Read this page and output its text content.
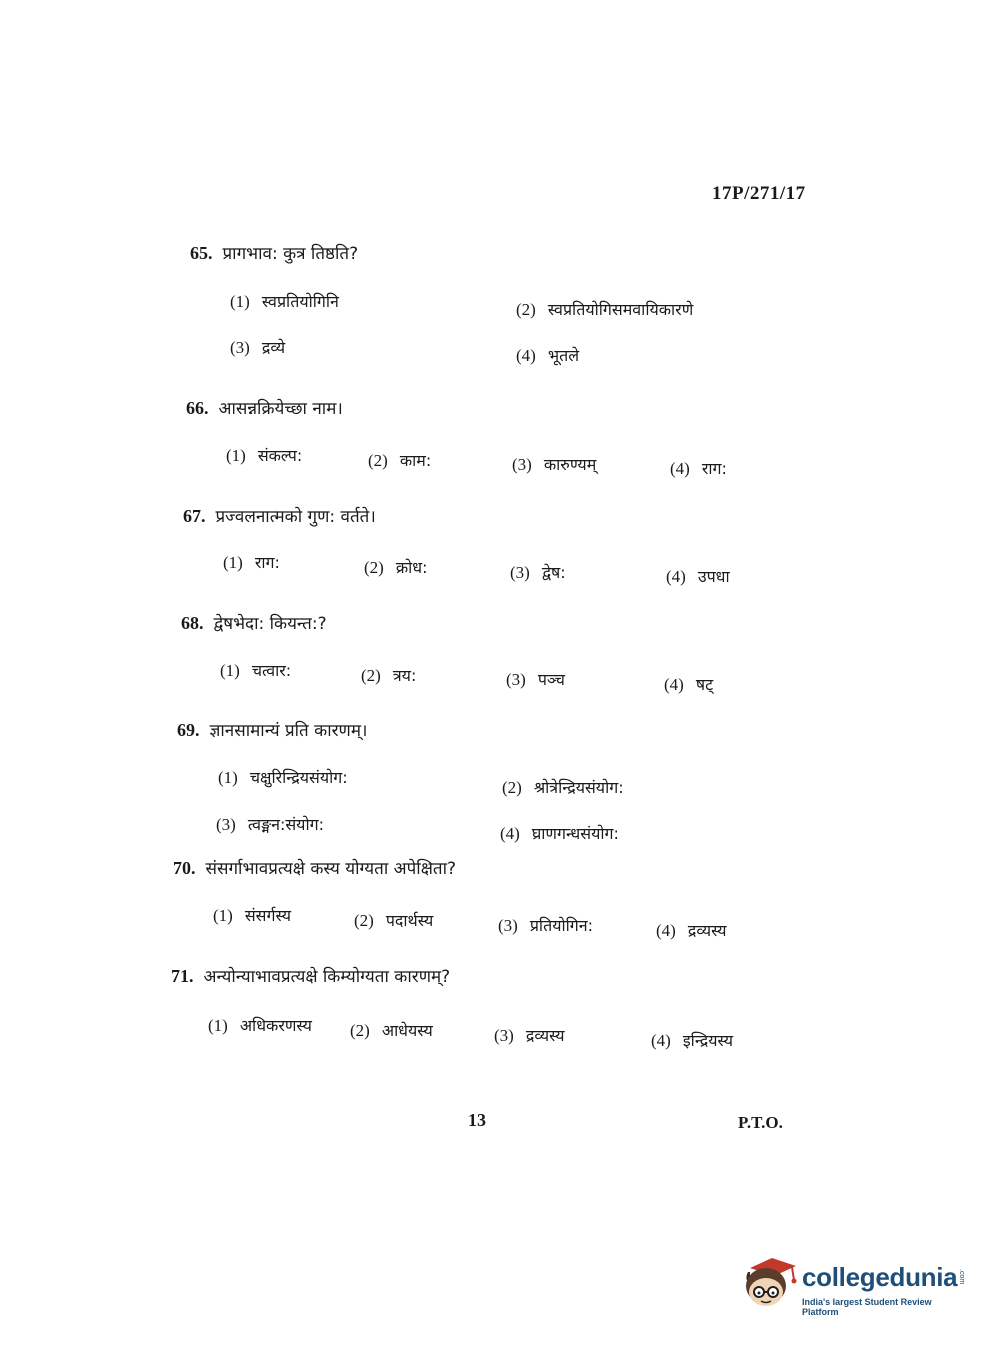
17P/271/17
65. प्रागभाव: कुत्र तिष्ठति?
(1) स्वप्रतियोगिनि	(2) स्वप्रतियोगिसमवायिकारणे
(3) द्रव्ये	(4) भूतले
66. आसन्नक्रियेच्छा नाम।
(1) संकल्प:	(2) काम:	(3) कारुण्यम्	(4) राग:
67. प्रज्वलनात्मको गुण: वर्तते।
(1) राग:	(2) क्रोध:	(3) द्वेष:	(4) उपधा
68. द्वेषभेदा: कियन्त:?
(1) चत्वार:	(2) त्रय:	(3) पञ्च	(4) षट्
69. ज्ञानसामान्यं प्रति कारणम्।
(1) चक्षुरिन्द्रियसंयोग:
(2) श्रोत्रेन्द्रियसंयोग:
(3) त्वङ्मन:संयोग:	(4) घ्राणगन्धसंयोग:
70. संसर्गाभावप्रत्यक्षे कस्य योग्यता अपेक्षिता?
(1) संसर्गस्य	(2) पदार्थस्य	(3) प्रतियोगिन:	(4) द्रव्यस्य
71. अन्योन्याभावप्रत्यक्षे किम्योग्यता कारणम्?
(1) अधिकरणस्य (2) आधेयस्य	(3) द्रव्यस्य	(4) इन्द्रियस्य
13	P.T.O.
collegedunia .com
India's largest Student Review Platform
